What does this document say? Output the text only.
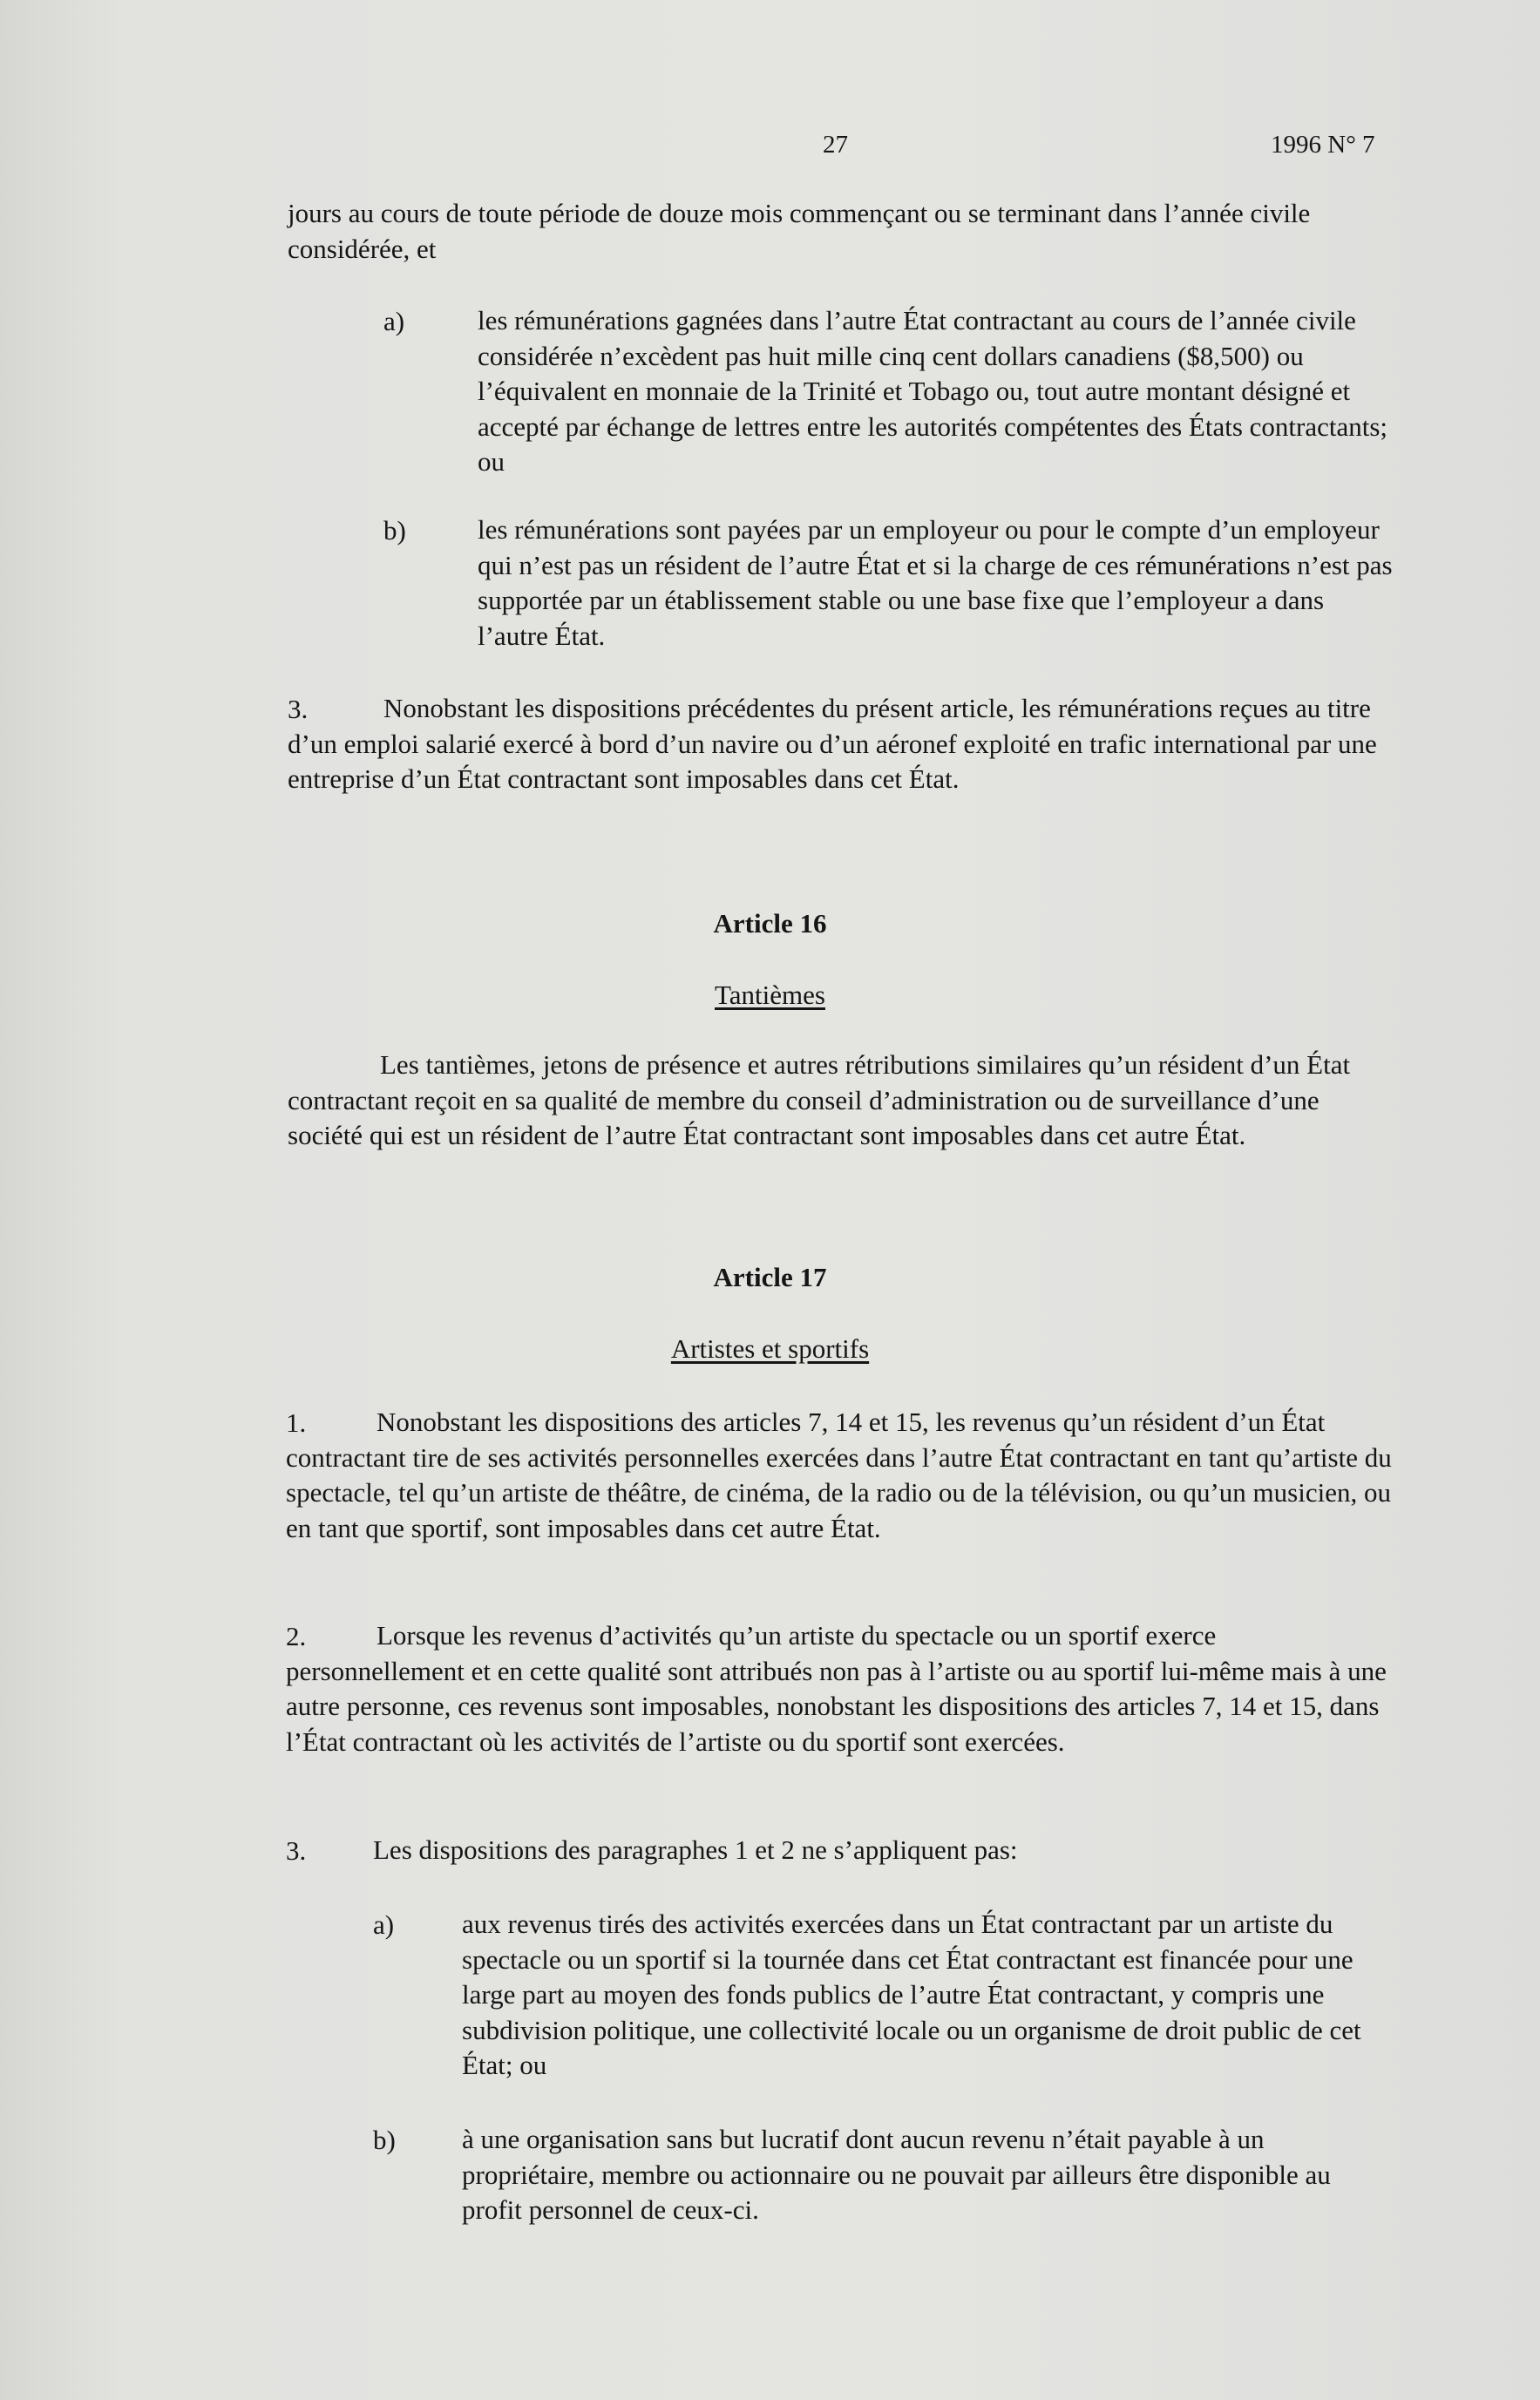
27	1996 N° 7
jours au cours de toute période de douze mois commençant ou se terminant dans l’année civile considérée, et
a)	les rémunérations gagnées dans l’autre État contractant au cours de l’année civile considérée n’excèdent pas huit mille cinq cent dollars canadiens ($8,500) ou l’équivalent en monnaie de la Trinité et Tobago ou, tout autre montant désigné et accepté par échange de lettres entre les autorités compétentes des États contractants; ou
b)	les rémunérations sont payées par un employeur ou pour le compte d’un employeur qui n’est pas un résident de l’autre État et si la charge de ces rémunérations n’est pas supportée par un établissement stable ou une base fixe que l’employeur a dans l’autre État.
3.	Nonobstant les dispositions précédentes du présent article, les rémunérations reçues au titre d’un emploi salarié exercé à bord d’un navire ou d’un aéronef exploité en trafic international par une entreprise d’un État contractant sont imposables dans cet État.
Article 16
Tantièmes
Les tantièmes, jetons de présence et autres rétributions similaires qu’un résident d’un État contractant reçoit en sa qualité de membre du conseil d’administration ou de surveillance d’une société qui est un résident de l’autre État contractant sont imposables dans cet autre État.
Article 17
Artistes et sportifs
1.	Nonobstant les dispositions des articles 7, 14 et 15, les revenus qu’un résident d’un État contractant tire de ses activités personnelles exercées dans l’autre État contractant en tant qu’artiste du spectacle, tel qu’un artiste de théâtre, de cinéma, de la radio ou de la télévision, ou qu’un musicien, ou en tant que sportif, sont imposables dans cet autre État.
2.	Lorsque les revenus d’activités qu’un artiste du spectacle ou un sportif exerce personnellement et en cette qualité sont attribués non pas à l’artiste ou au sportif lui-même mais à une autre personne, ces revenus sont imposables, nonobstant les dispositions des articles 7, 14 et 15, dans l’État contractant où les activités de l’artiste ou du sportif sont exercées.
3. Les dispositions des paragraphes 1 et 2 ne s’appliquent pas:
a)	aux revenus tirés des activités exercées dans un État contractant par un artiste du spectacle ou un sportif si la tournée dans cet État contractant est financée pour une large part au moyen des fonds publics de l’autre État contractant, y compris une subdivision politique, une collectivité locale ou un organisme de droit public de cet État; ou
b) à une organisation sans but lucratif dont aucun revenu n’était payable à un propriétaire, membre ou actionnaire ou ne pouvait par ailleurs être disponible au profit personnel de ceux-ci.
